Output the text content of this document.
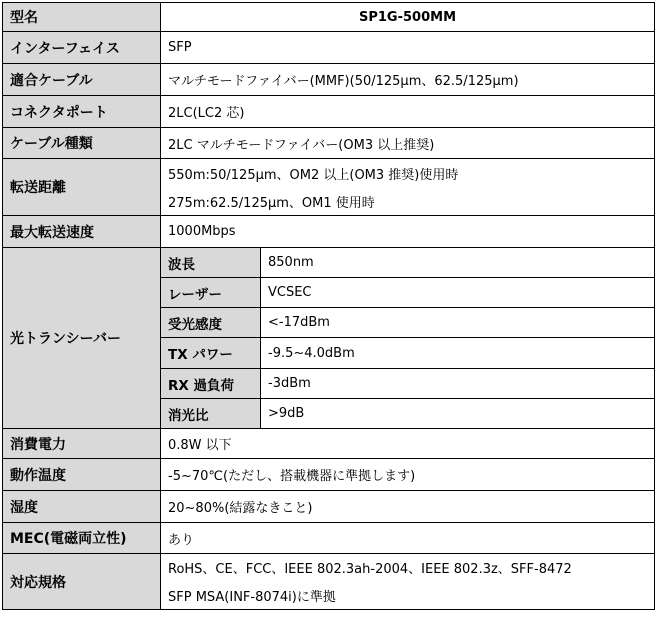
型名	SP1G-500MM	
インターフェイス	SFP	
適合ケーブル	マルチモードファイバー(MMF)(50/125μm、62.5/125μm)	
コネクタポート	2LC(LC2 芯)	
ケーブル種類	2LC マルチモードファイバー(OM3 以上推奨)	
転送距離	550m:50/125μm、OM2 以上(OM3 推奨)使用時
275m:62.5/125μm、OM1 使用時	

最大転送速度	1000Mbps	
光トランシーバー	波長	850nm
	レーザー	VCSEC
	受光感度	<-17dBm
	TX パワー	-9.5~4.0dBm
	RX 過負荷	-3dBm
	消光比	>9dB
消費電力	0.8W 以下	
動作温度	-5~70℃(ただし、搭載機器に準拠します)	
湿度	20~80%(結露なきこと)	
MEC(電磁両立性)	あり	
対応規格	RoHS、CE、FCC、IEEE 802.3ah-2004、IEEE 802.3z、SFF-8472
SFP MSA(INF-8074i)に準拠	
